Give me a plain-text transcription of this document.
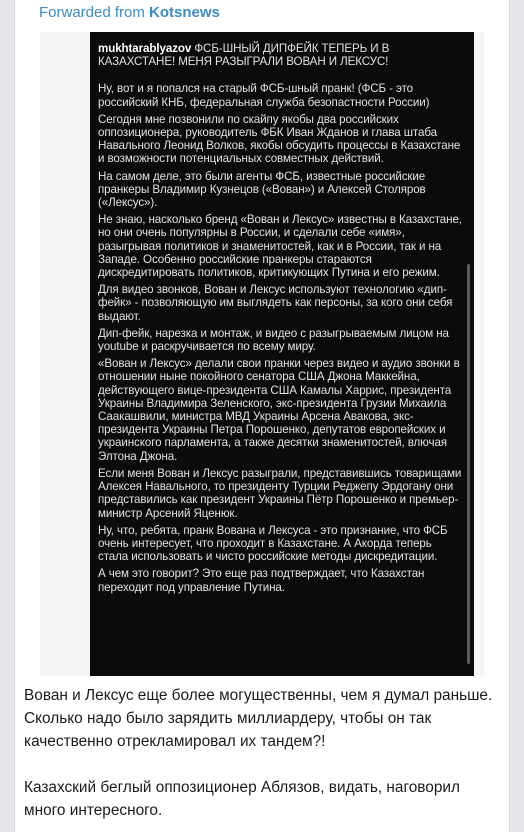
Forwarded from Kotsnews
mukhtarablyazov ФСБ-ШНЫЙ ДИПФЕЙК ТЕПЕРЬ И В КАЗАХСТАНЕ! МЕНЯ РАЗЫГРАЛИ ВОВАН И ЛЕКСУС!

Ну, вот и я попался на старый ФСБ-шный пранк! (ФСБ - это российский КНБ, федеральная служба безопастности России)

Сегодня мне позвонили по скайпу якобы два российских оппозиционера, руководитель ФБК Иван Жданов и глава штаба Навального Леонид Волков, якобы обсудить процессы в Казахстане и возможности потенциальных совместных действий.

На самом деле, это были агенты ФСБ, известные российские пранкеры Владимир Кузнецов («Вован») и Алексей Столяров («Лексус»).

Не знаю, насколько бренд «Вован и Лексус» известны в Казахстане, но они очень популярны в России, и сделали себе «имя», разыгрывая политиков и знаменитостей, как и в России, так и на Западе. Особенно российские пранкеры стараются дискредитировать политиков, критикующих Путина и его режим.

Для видео звонков, Вован и Лексус используют технологию «дип-фейк» - позволяющую им выглядеть как персоны, за кого они себя выдают.

Дип-фейк, нарезка и монтаж, и видео с разыгрываемым лицом на youtube и раскручивается по всему миру.

«Вован и Лексус» делали свои пранки через видео и аудио звонки в отношении ныне покойного сенатора США Джона Маккейна, действующего вице-президента США Камалы Харрис, президента Украины Владимира Зеленского, экс-президента Грузии Михаила Саакашвили, министра МВД Украины Арсена Авакова, экс-президента Украины Петра Порошенко, депутатов европейских и украинского парламента, а также десятки знаменитостей, влючая Элтона Джона.

Если меня Вован и Лексус разыграли, представившись товарищами Алексея Навального, то президенту Турции Реджепу Эрдогану они представились как президент Украины Пётр Порошенко и премьер-министр Арсений Яценюк.

Ну, что, ребята, пранк Вована и Лексуса - это признание, что ФСБ очень интересует, что проходит в Казахстане. А Акорда теперь стала использовать и чисто российские методы дискредитации.

А чем это говорит? Это еще раз подтверждает, что Казахстан переходит под управление Путина.

Вован и Лексус еще более могущественны, чем я думал раньше. Сколько надо было зарядить миллиардеру, чтобы он так качественно отрекламировал их тандем?!

Казахский беглый оппозиционер Аблязов, видать, наговорил много интересного.
